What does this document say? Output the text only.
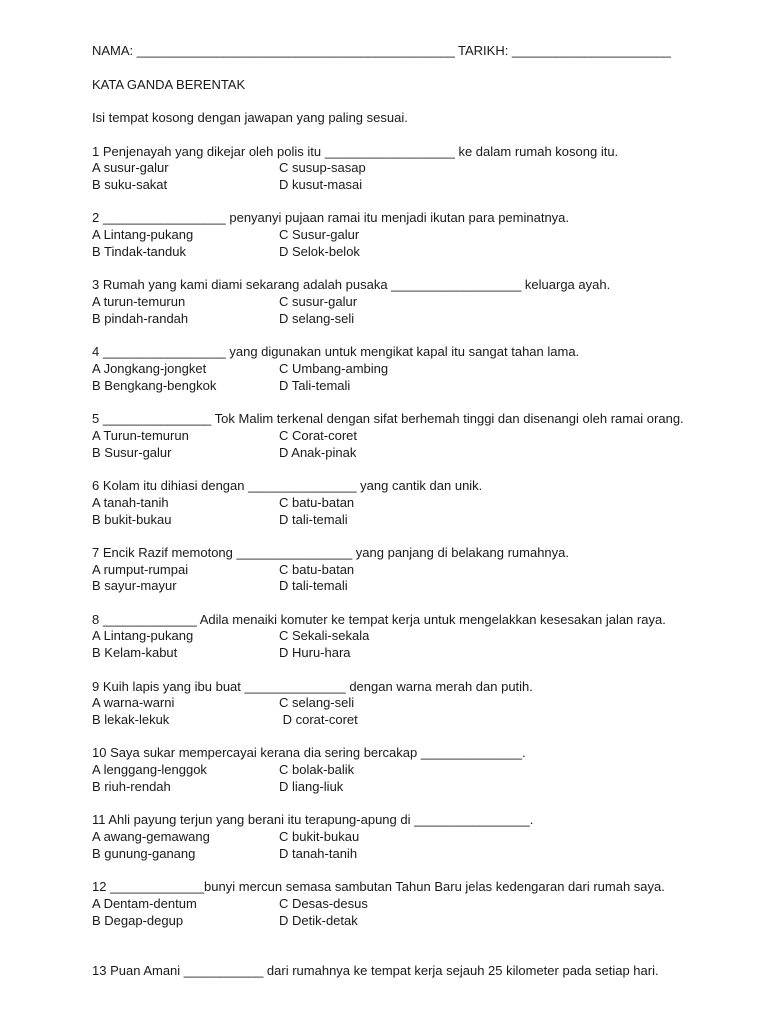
NAMA: ____________________________________________ TARIKH: ______________________
KATA GANDA BERENTAK
Isi tempat kosong dengan jawapan yang paling sesuai.
1 Penjenayah yang dikejar oleh polis itu __________________ ke dalam rumah kosong itu.
A susur-galur	C susup-sasap
B suku-sakat	D kusut-masai
2 _________________ penyanyi pujaan ramai itu menjadi ikutan para peminatnya.
A Lintang-pukang	C Susur-galur
B Tindak-tanduk	D Selok-belok
3 Rumah yang kami diami sekarang adalah pusaka __________________ keluarga ayah.
A turun-temurun	C susur-galur
B pindah-randah	D selang-seli
4 _________________ yang digunakan untuk mengikat kapal itu sangat tahan lama.
A Jongkang-jongket	C Umbang-ambing
B Bengkang-bengkok	D Tali-temali
5 _______________ Tok Malim terkenal dengan sifat berhemah tinggi dan disenangi oleh ramai orang.
A Turun-temurun	C Corat-coret
B Susur-galur	D Anak-pinak
6 Kolam itu dihiasi dengan _______________ yang cantik dan unik.
A tanah-tanih	C batu-batan
B bukit-bukau	D tali-temali
7 Encik Razif memotong ________________ yang panjang di belakang rumahnya.
A rumput-rumpai	C batu-batan
B sayur-mayur	D tali-temali
8 _____________ Adila menaiki komuter ke tempat kerja untuk mengelakkan kesesakan jalan raya.
A Lintang-pukang	C Sekali-sekala
B Kelam-kabut	D Huru-hara
9 Kuih lapis yang ibu buat ______________ dengan warna merah dan putih.
A warna-warni	C selang-seli
B lekak-lekuk	D corat-coret
10 Saya sukar mempercayai kerana dia sering bercakap ______________.
A lenggang-lenggok	C bolak-balik
B riuh-rendah	D liang-liuk
11 Ahli payung terjun yang berani itu terapung-apung di ________________.
A awang-gemawang	C bukit-bukau
B gunung-ganang	D tanah-tanih
12 _____________bunyi mercun semasa sambutan Tahun Baru jelas kedengaran dari rumah saya.
A Dentam-dentum	C Desas-desus
B Degap-degup	D Detik-detak
13 Puan Amani ___________ dari rumahnya ke tempat kerja sejauh 25 kilometer pada setiap hari.
